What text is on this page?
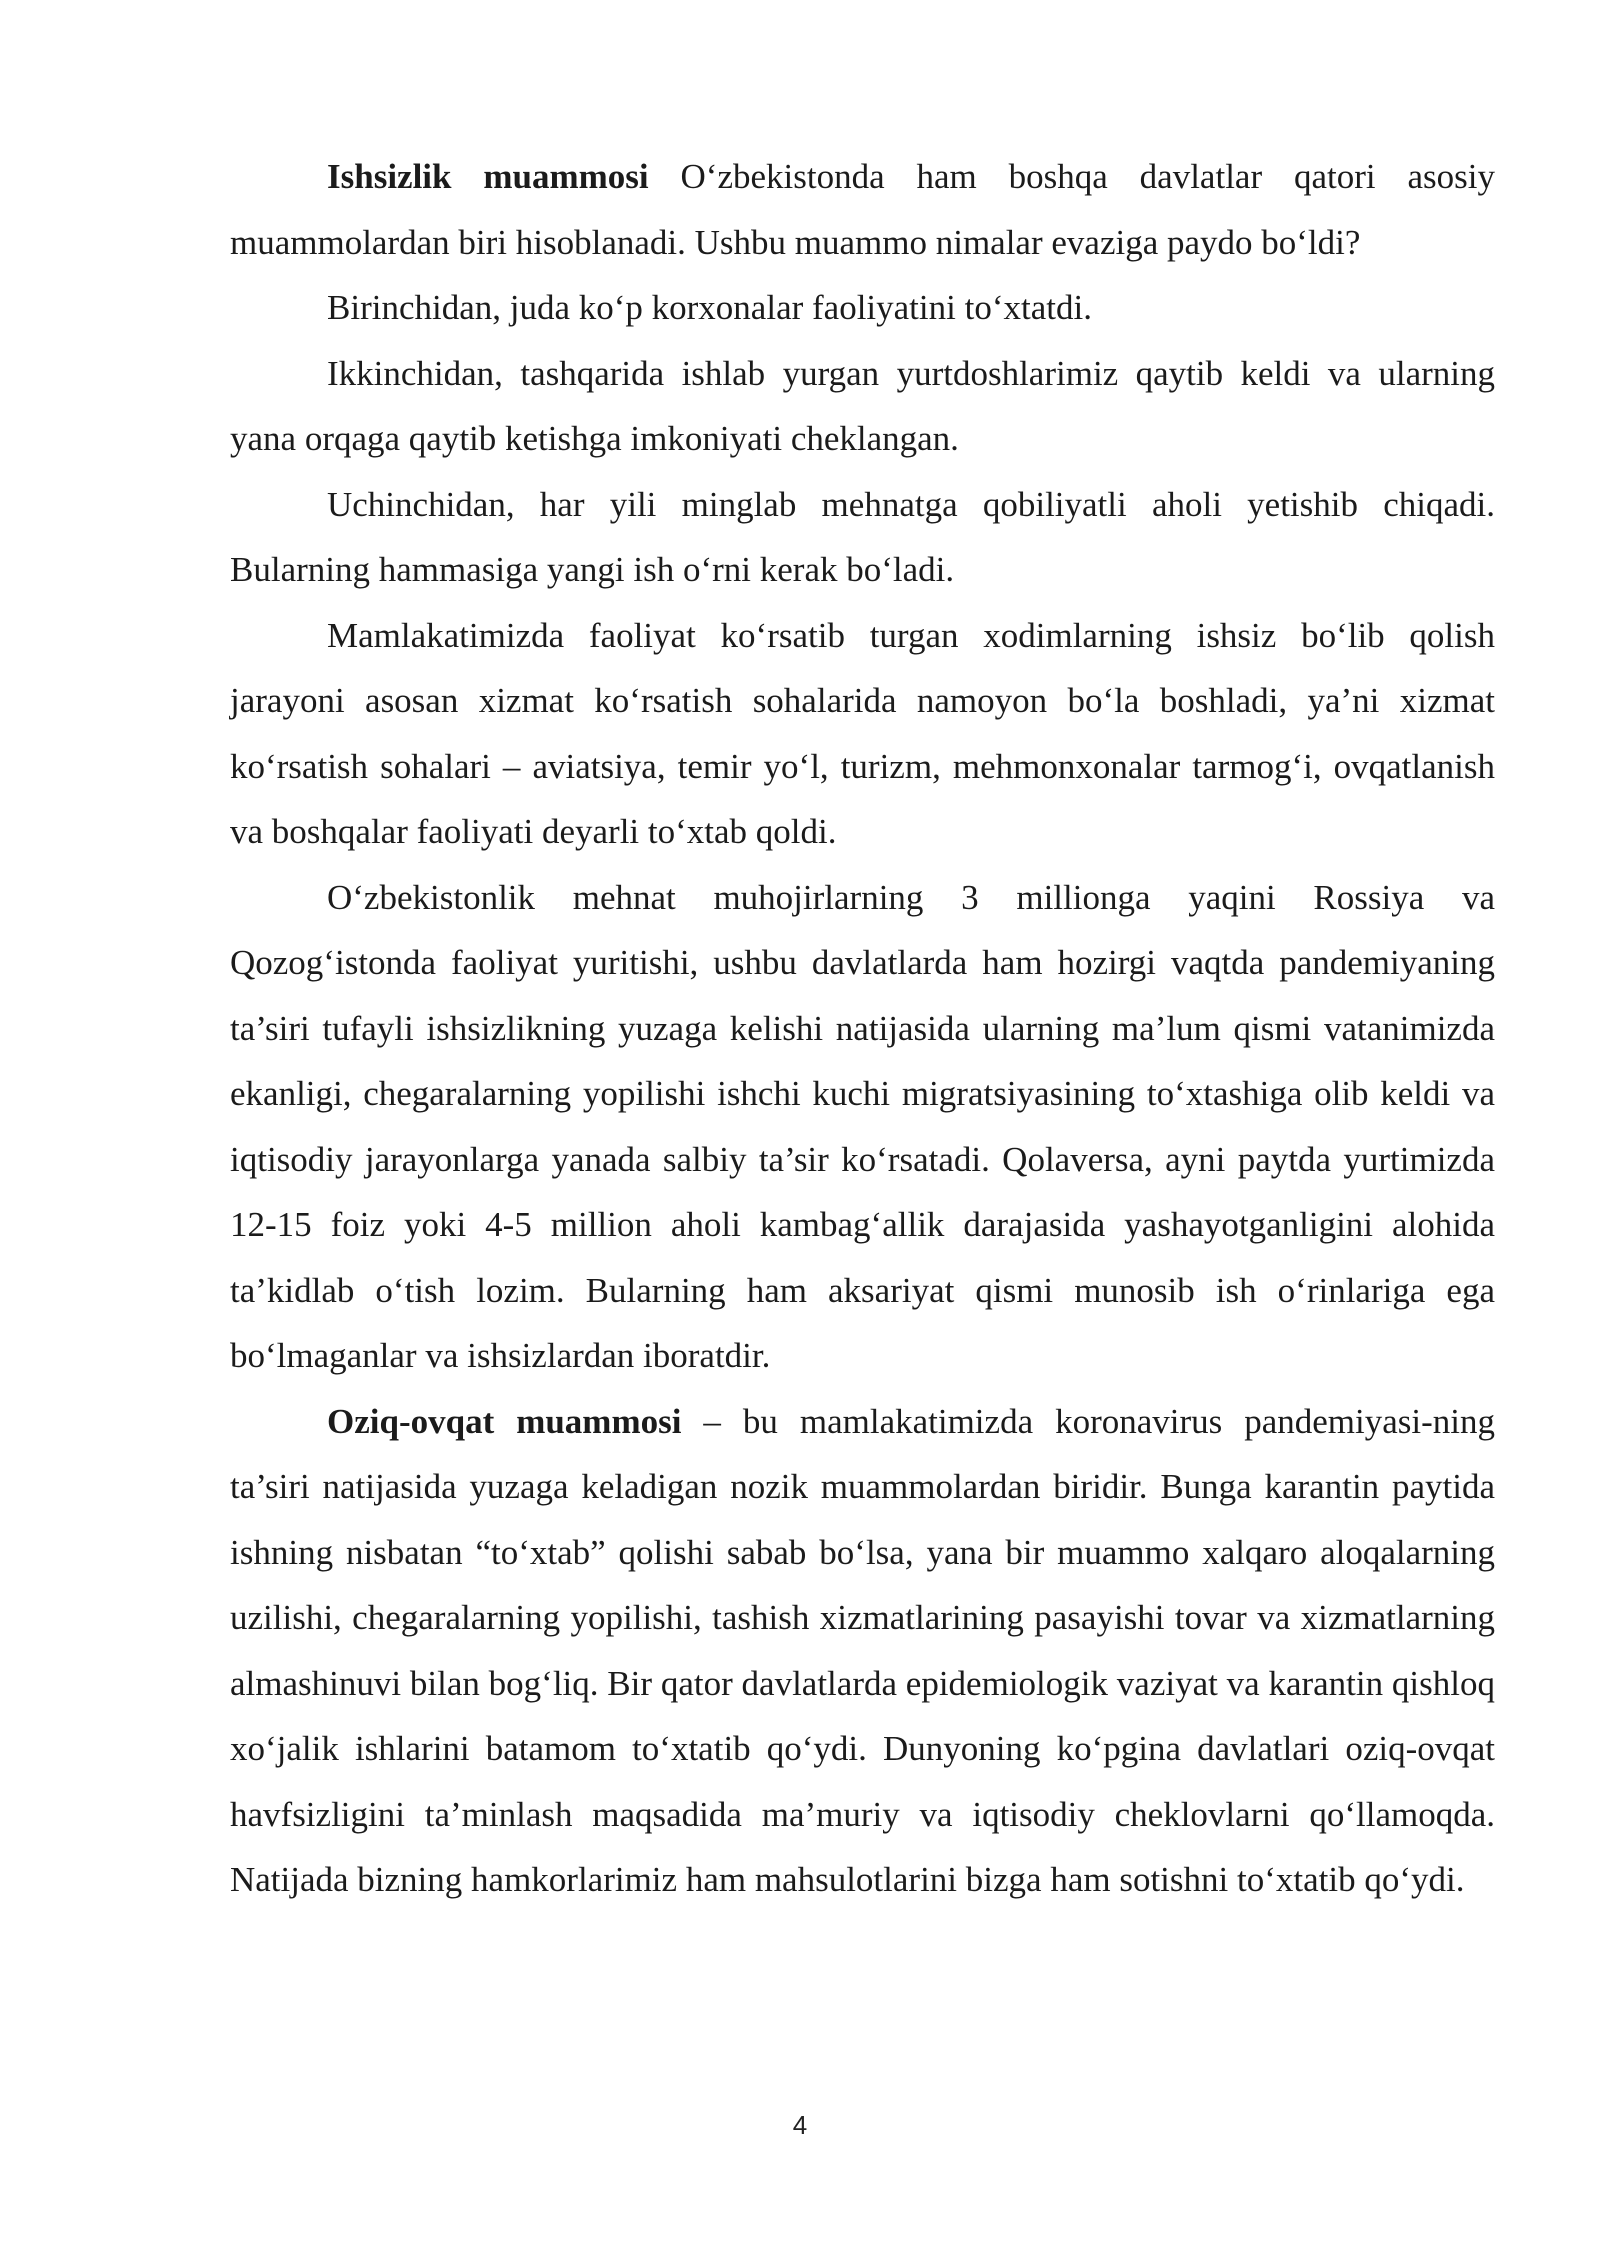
Ishsizlik muammosi O‘zbekistonda ham boshqa davlatlar qatori asosiy muammolardan biri hisoblanadi. Ushbu muammo nimalar evaziga paydo bo‘ldi?

Birinchidan, juda ko‘p korxonalar faoliyatini to‘xtatdi.

Ikkinchidan, tashqarida ishlab yurgan yurtdoshlarimiz qaytib keldi va ularning yana orqaga qaytib ketishga imkoniyati cheklangan.

Uchinchidan, har yili minglab mehnatga qobiliyatli aholi yetishib chiqadi. Bularning hammasiga yangi ish o‘rni kerak bo‘ladi.

Mamlakatimizda faoliyat ko‘rsatib turgan xodimlarning ishsiz bo‘lib qolish jarayoni asosan xizmat ko‘rsatish sohalarida namoyon bo‘la boshladi, ya’ni xizmat ko‘rsatish sohalari – aviatsiya, temir yo‘l, turizm, mehmonxonalar tarmog‘i, ovqatlanish va boshqalar faoliyati deyarli to‘xtab qoldi.

O‘zbekistonlik mehnat muhojirlarning 3 millionga yaqini Rossiya va Qozog‘istonda faoliyat yuritishi, ushbu davlatlarda ham hozirgi vaqtda pandemiyaning ta’siri tufayli ishsizlikning yuzaga kelishi natijasida ularning ma’lum qismi vatanimizda ekanligi, chegaralarning yopilishi ishchi kuchi migratsiyasining to‘xtashiga olib keldi va iqtisodiy jarayonlarga yanada salbiy ta’sir ko‘rsatadi. Qolaversa, ayni paytda yurtimizda 12-15 foiz yoki 4-5 million aholi kambag‘allik darajasida yashayotganligini alohida ta’kidlab o‘tish lozim. Bularning ham aksariyat qismi munosib ish o‘rinlariga ega bo‘lmaganlar va ishsizlardan iboratdir.

Oziq-ovqat muammosi – bu mamlakatimizda koronavirus pandemiyasi-ning ta’siri natijasida yuzaga keladigan nozik muammolardan biridir. Bunga karantin paytida ishning nisbatan “to‘xtab” qolishi sabab bo‘lsa, yana bir muammo xalqaro aloqalarning uzilishi, chegaralarning yopilishi, tashish xizmatlarining pasayishi tovar va xizmatlarning almashinuvi bilan bog‘liq. Bir qator davlatlarda epidemiologik vaziyat va karantin qishloq xo‘jalik ishlarini batamom to‘xtatib qo‘ydi. Dunyoning ko‘pgina davlatlari oziq-ovqat havfsizligini ta’minlash maqsadida ma’muriy va iqtisodiy cheklovlarni qo‘llamoqda. Natijada bizning hamkorlarimiz ham mahsulotlarini bizga ham sotishni to‘xtatib qo‘ydi.

4
